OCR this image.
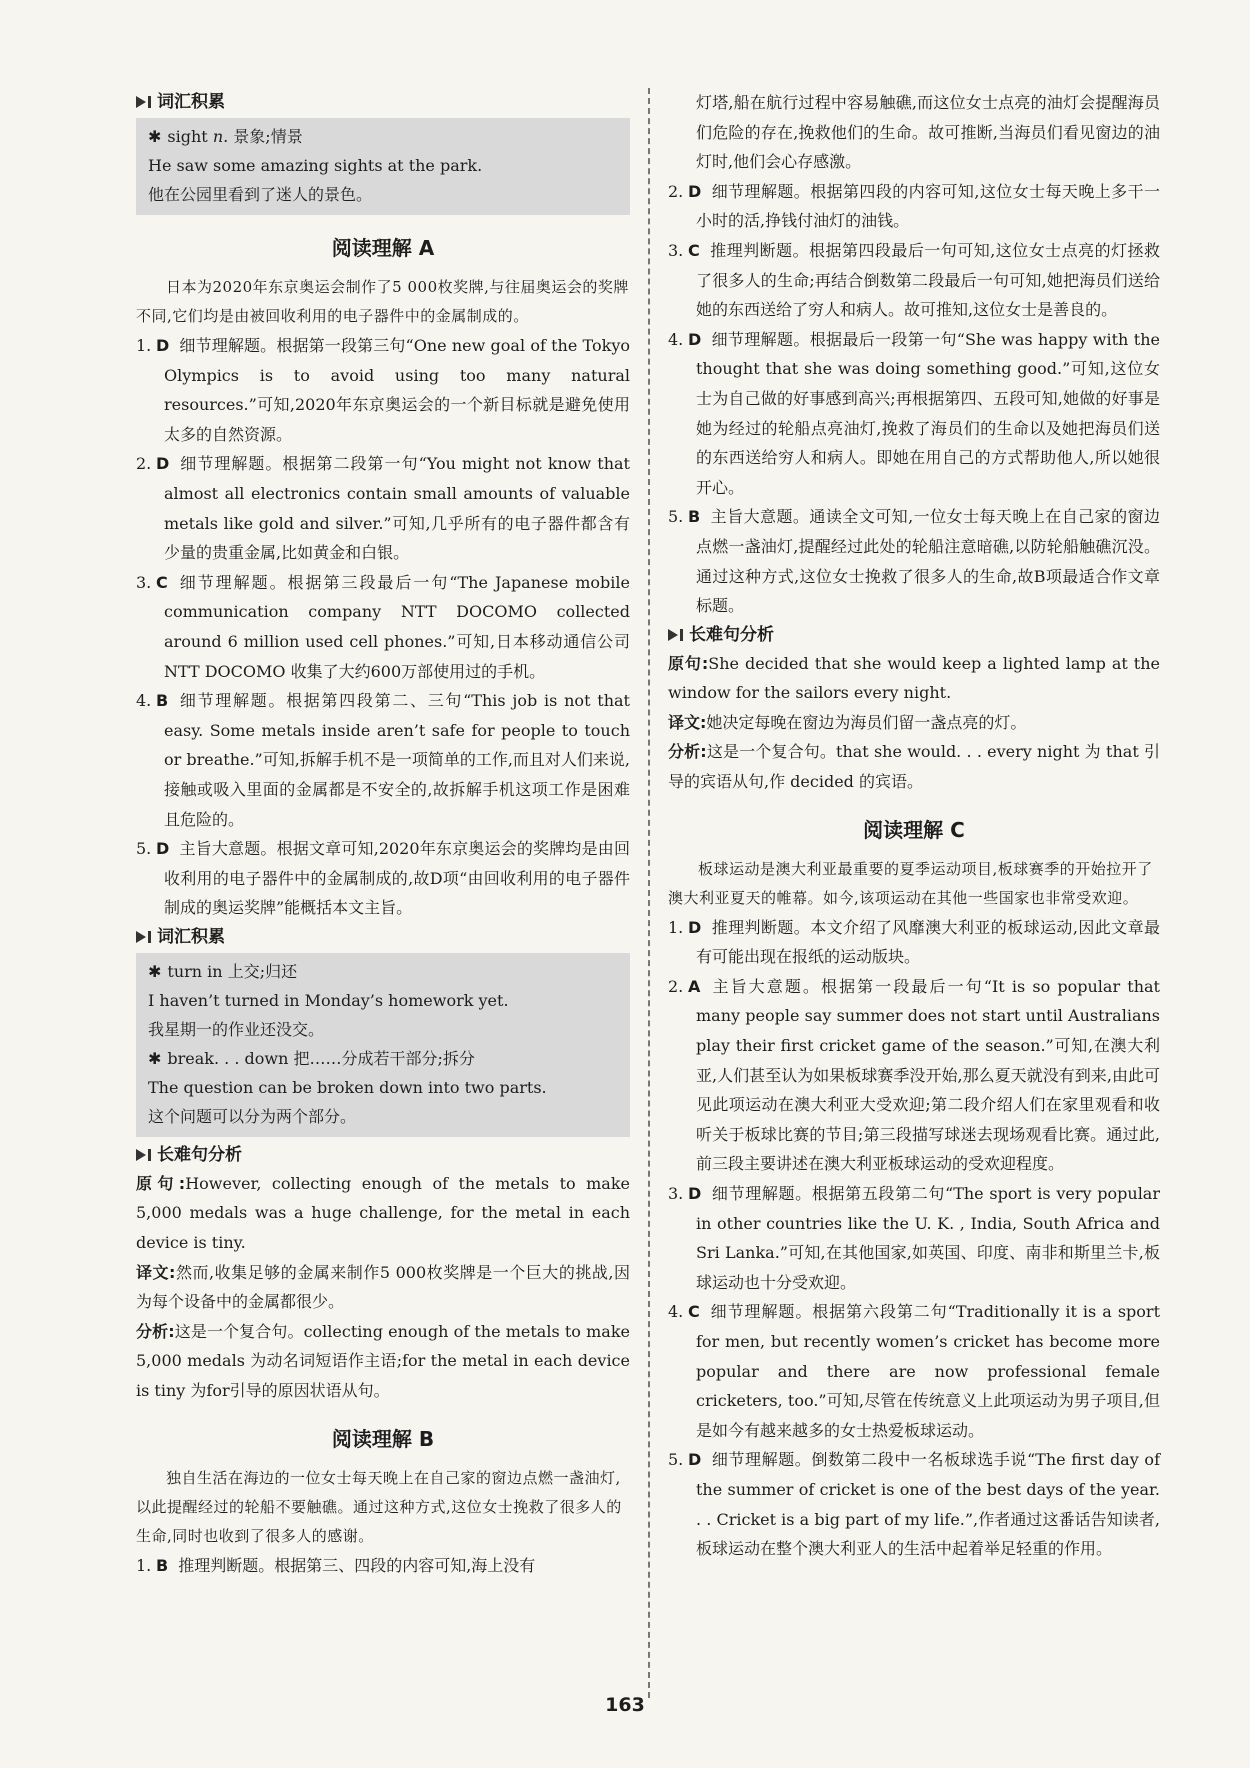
词汇积累

✱ sight n. 景象;情景

He saw some amazing sights at the park.

他在公园里看到了迷人的景色。

阅读理解 A

日本为2020年东京奥运会制作了5 000枚奖牌,与往届奥运会的奖牌不同,它们均是由被回收利用的电子器件中的金属制成的。

1. D 细节理解题。根据第一段第三句“One new goal of the Tokyo Olympics is to avoid using too many natural resources.”可知,2020年东京奥运会的一个新目标就是避免使用太多的自然资源。

2. D 细节理解题。根据第二段第一句“You might not know that almost all electronics contain small amounts of valuable metals like gold and silver.”可知,几乎所有的电子器件都含有少量的贵重金属,比如黄金和白银。

3. C 细节理解题。根据第三段最后一句“The Japanese mobile communication company NTT DOCOMO collected around 6 million used cell phones.”可知,日本移动通信公司 NTT DOCOMO 收集了大约600万部使用过的手机。

4. B 细节理解题。根据第四段第二、三句“This job is not that easy. Some metals inside aren’t safe for people to touch or breathe.”可知,拆解手机不是一项简单的工作,而且对人们来说,接触或吸入里面的金属都是不安全的,故拆解手机这项工作是困难且危险的。

5. D 主旨大意题。根据文章可知,2020年东京奥运会的奖牌均是由回收利用的电子器件中的金属制成的,故D项“由回收利用的电子器件制成的奥运奖牌”能概括本文主旨。

词汇积累

✱ turn in 上交;归还

I haven’t turned in Monday’s homework yet.

我星期一的作业还没交。

✱ break. . . down 把……分成若干部分;拆分

The question can be broken down into two parts.

这个问题可以分为两个部分。

长难句分析

原句:However, collecting enough of the metals to make 5,000 medals was a huge challenge, for the metal in each device is tiny.

译文:然而,收集足够的金属来制作5 000枚奖牌是一个巨大的挑战,因为每个设备中的金属都很少。

分析:这是一个复合句。collecting enough of the metals to make 5,000 medals 为动名词短语作主语;for the metal in each device is tiny 为for引导的原因状语从句。

阅读理解 B

独自生活在海边的一位女士每天晚上在自己家的窗边点燃一盏油灯,以此提醒经过的轮船不要触礁。通过这种方式,这位女士挽救了很多人的生命,同时也收到了很多人的感谢。

1. B 推理判断题。根据第三、四段的内容可知,海上没有

灯塔,船在航行过程中容易触礁,而这位女士点亮的油灯会提醒海员们危险的存在,挽救他们的生命。故可推断,当海员们看见窗边的油灯时,他们会心存感激。

2. D 细节理解题。根据第四段的内容可知,这位女士每天晚上多干一小时的活,挣钱付油灯的油钱。

3. C 推理判断题。根据第四段最后一句可知,这位女士点亮的灯拯救了很多人的生命;再结合倒数第二段最后一句可知,她把海员们送给她的东西送给了穷人和病人。故可推知,这位女士是善良的。

4. D 细节理解题。根据最后一段第一句“She was happy with the thought that she was doing something good.”可知,这位女士为自己做的好事感到高兴;再根据第四、五段可知,她做的好事是她为经过的轮船点亮油灯,挽救了海员们的生命以及她把海员们送的东西送给穷人和病人。即她在用自己的方式帮助他人,所以她很开心。

5. B 主旨大意题。通读全文可知,一位女士每天晚上在自己家的窗边点燃一盏油灯,提醒经过此处的轮船注意暗礁,以防轮船触礁沉没。通过这种方式,这位女士挽救了很多人的生命,故B项最适合作文章标题。

长难句分析

原句:She decided that she would keep a lighted lamp at the window for the sailors every night.

译文:她决定每晚在窗边为海员们留一盏点亮的灯。

分析:这是一个复合句。that she would. . . every night 为 that 引导的宾语从句,作 decided 的宾语。

阅读理解 C

板球运动是澳大利亚最重要的夏季运动项目,板球赛季的开始拉开了澳大利亚夏天的帷幕。如今,该项运动在其他一些国家也非常受欢迎。

1. D 推理判断题。本文介绍了风靡澳大利亚的板球运动,因此文章最有可能出现在报纸的运动版块。

2. A 主旨大意题。根据第一段最后一句“It is so popular that many people say summer does not start until Australians play their first cricket game of the season.”可知,在澳大利亚,人们甚至认为如果板球赛季没开始,那么夏天就没有到来,由此可见此项运动在澳大利亚大受欢迎;第二段介绍人们在家里观看和收听关于板球比赛的节目;第三段描写球迷去现场观看比赛。通过此,前三段主要讲述在澳大利亚板球运动的受欢迎程度。

3. D 细节理解题。根据第五段第二句“The sport is very popular in other countries like the U. K. , India, South Africa and Sri Lanka.”可知,在其他国家,如英国、印度、南非和斯里兰卡,板球运动也十分受欢迎。

4. C 细节理解题。根据第六段第二句“Traditionally it is a sport for men, but recently women’s cricket has become more popular and there are now professional female cricketers, too.”可知,尽管在传统意义上此项运动为男子项目,但是如今有越来越多的女士热爱板球运动。

5. D 细节理解题。倒数第二段中一名板球选手说“The first day of the summer of cricket is one of the best days of the year. . . Cricket is a big part of my life.”,作者通过这番话告知读者,板球运动在整个澳大利亚人的生活中起着举足轻重的作用。

163
